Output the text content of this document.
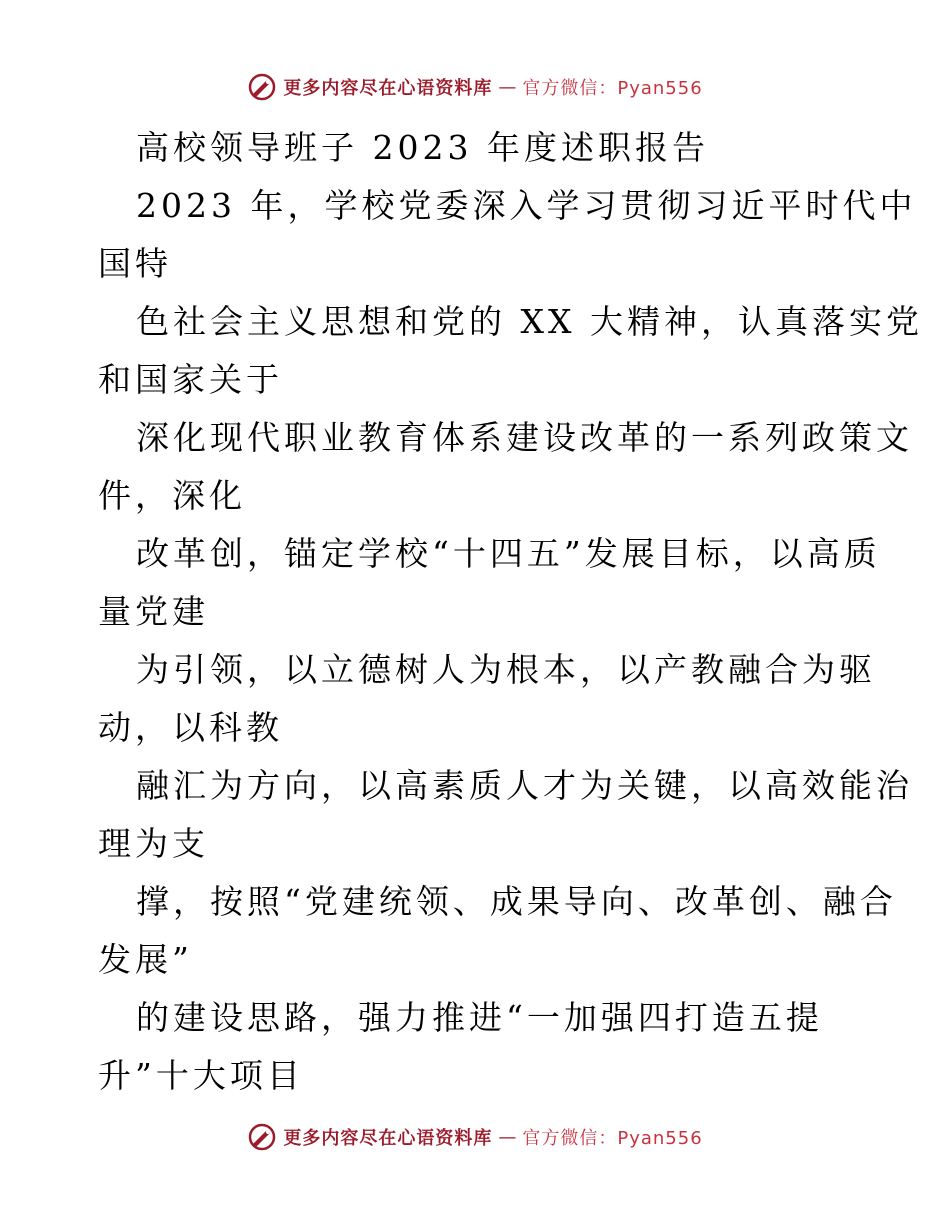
更多内容尽在心语资料库 — 官方微信：Pyan556
高校领导班子 2023 年度述职报告
2023 年，学校党委深入学习贯彻习近平时代中
国特
色社会主义思想和党的 XX 大精神，认真落实党
和国家关于
深化现代职业教育体系建设改革的一系列政策文
件，深化
改革创，锚定学校“十四五”发展目标，以高质
量党建
为引领，以立德树人为根本，以产教融合为驱
动，以科教
融汇为方向，以高素质人才为关键，以高效能治
理为支
撑，按照“党建统领、成果导向、改革创、融合
发展”
的建设思路，强力推进“一加强四打造五提
升”十大项目
更多内容尽在心语资料库 — 官方微信：Pyan556
